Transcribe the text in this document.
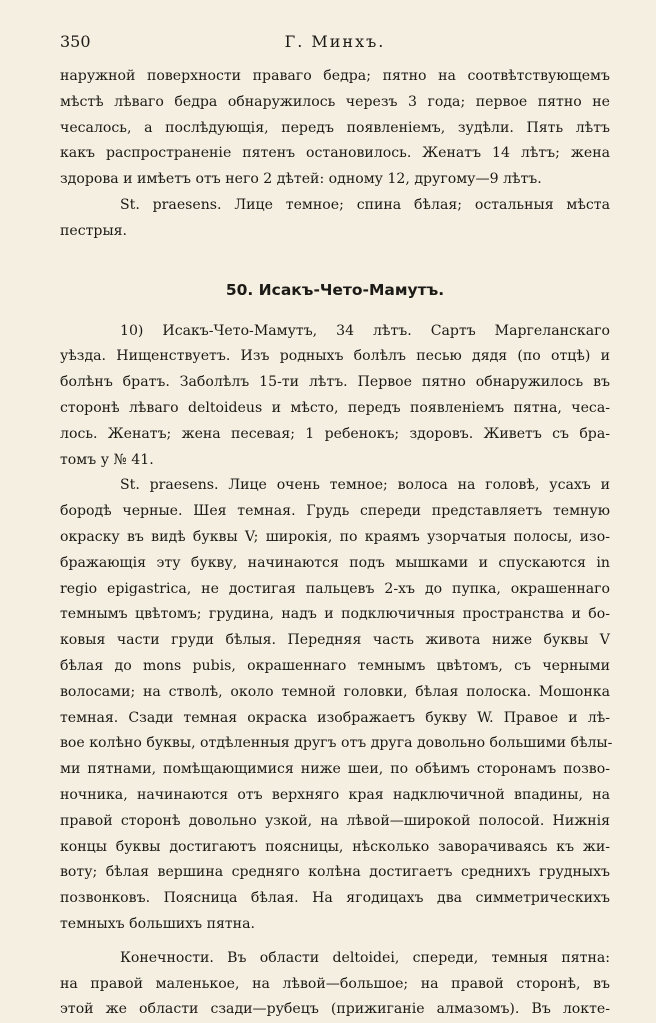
350	Г. Минхъ.
наружной поверхности праваго бедра; пятно на соотвѣтствующемъ
мѣстѣ лѣваго бедра обнаружилось черезъ 3 года; первое пятно не
чесалось, а послѣдующія, передъ появленіемъ, зудѣли. Пять лѣтъ
какъ распространеніе пятенъ остановилось. Женатъ 14 лѣтъ; жена
здорова и имѣетъ отъ него 2 дѣтей: одному 12, другому—9 лѣтъ.
St. praesens. Лице темное; спина бѣлая; остальныя мѣста
пестрыя.
50. Исакъ-Чето-Мамутъ.
10) Исакъ-Чето-Мамутъ, 34 лѣтъ. Сартъ Маргеланскаго
уѣзда. Нищенствуетъ. Изъ родныхъ болѣлъ песью дядя (по отцѣ) и
болѣнъ братъ. Заболѣлъ 15-ти лѣтъ. Первое пятно обнаружилось въ
сторонѣ лѣваго deltoideus и мѣсто, передъ появленіемъ пятна, чеса-
лось. Женатъ; жена песевая; 1 ребенокъ; здоровъ. Живетъ съ бра-
томъ у № 41.
St. praesens. Лице очень темное; волоса на головѣ, усахъ и
бородѣ черные. Шея темная. Грудь спереди представляетъ темную
окраску въ видѣ буквы V; широкія, по краямъ узорчатыя полосы, изо-
бражающія эту букву, начинаются подъ мышками и спускаются in
regio epigastrica, не достигая пальцевъ 2-хъ до пупка, окрашеннаго
темнымъ цвѣтомъ; грудина, надъ и подключичныя пространства и бо-
ковыя части груди бѣлыя. Передняя часть живота ниже буквы V
бѣлая до mons pubis, окрашеннаго темнымъ цвѣтомъ, съ черными
волосами; на стволѣ, около темной головки, бѣлая полоска. Мошонка
темная. Сзади темная окраска изображаетъ букву W. Правое и лѣ-
вое колѣно буквы, отдѣленныя другъ отъ друга довольно большими бѣлы-
ми пятнами, помѣщающимися ниже шеи, по обѣимъ сторонамъ позво-
ночника, начинаются отъ верхняго края надключичной впадины, на
правой сторонѣ довольно узкой, на лѣвой—широкой полосой. Нижнія
концы буквы достигаютъ поясницы, нѣсколько заворачиваясь къ жи-
воту; бѣлая вершина средняго колѣна достигаетъ среднихъ грудныхъ
позвонковъ. Поясница бѣлая. На ягодицахъ два симметрическихъ
темныхъ большихъ пятна.
Конечности. Въ области deltoidei, спереди, темныя пятна:
на правой маленькое, на лѣвой—большое; на правой сторонѣ, въ
этой же области сзади—рубецъ (прижиганіе алмазомъ). Въ локте-
